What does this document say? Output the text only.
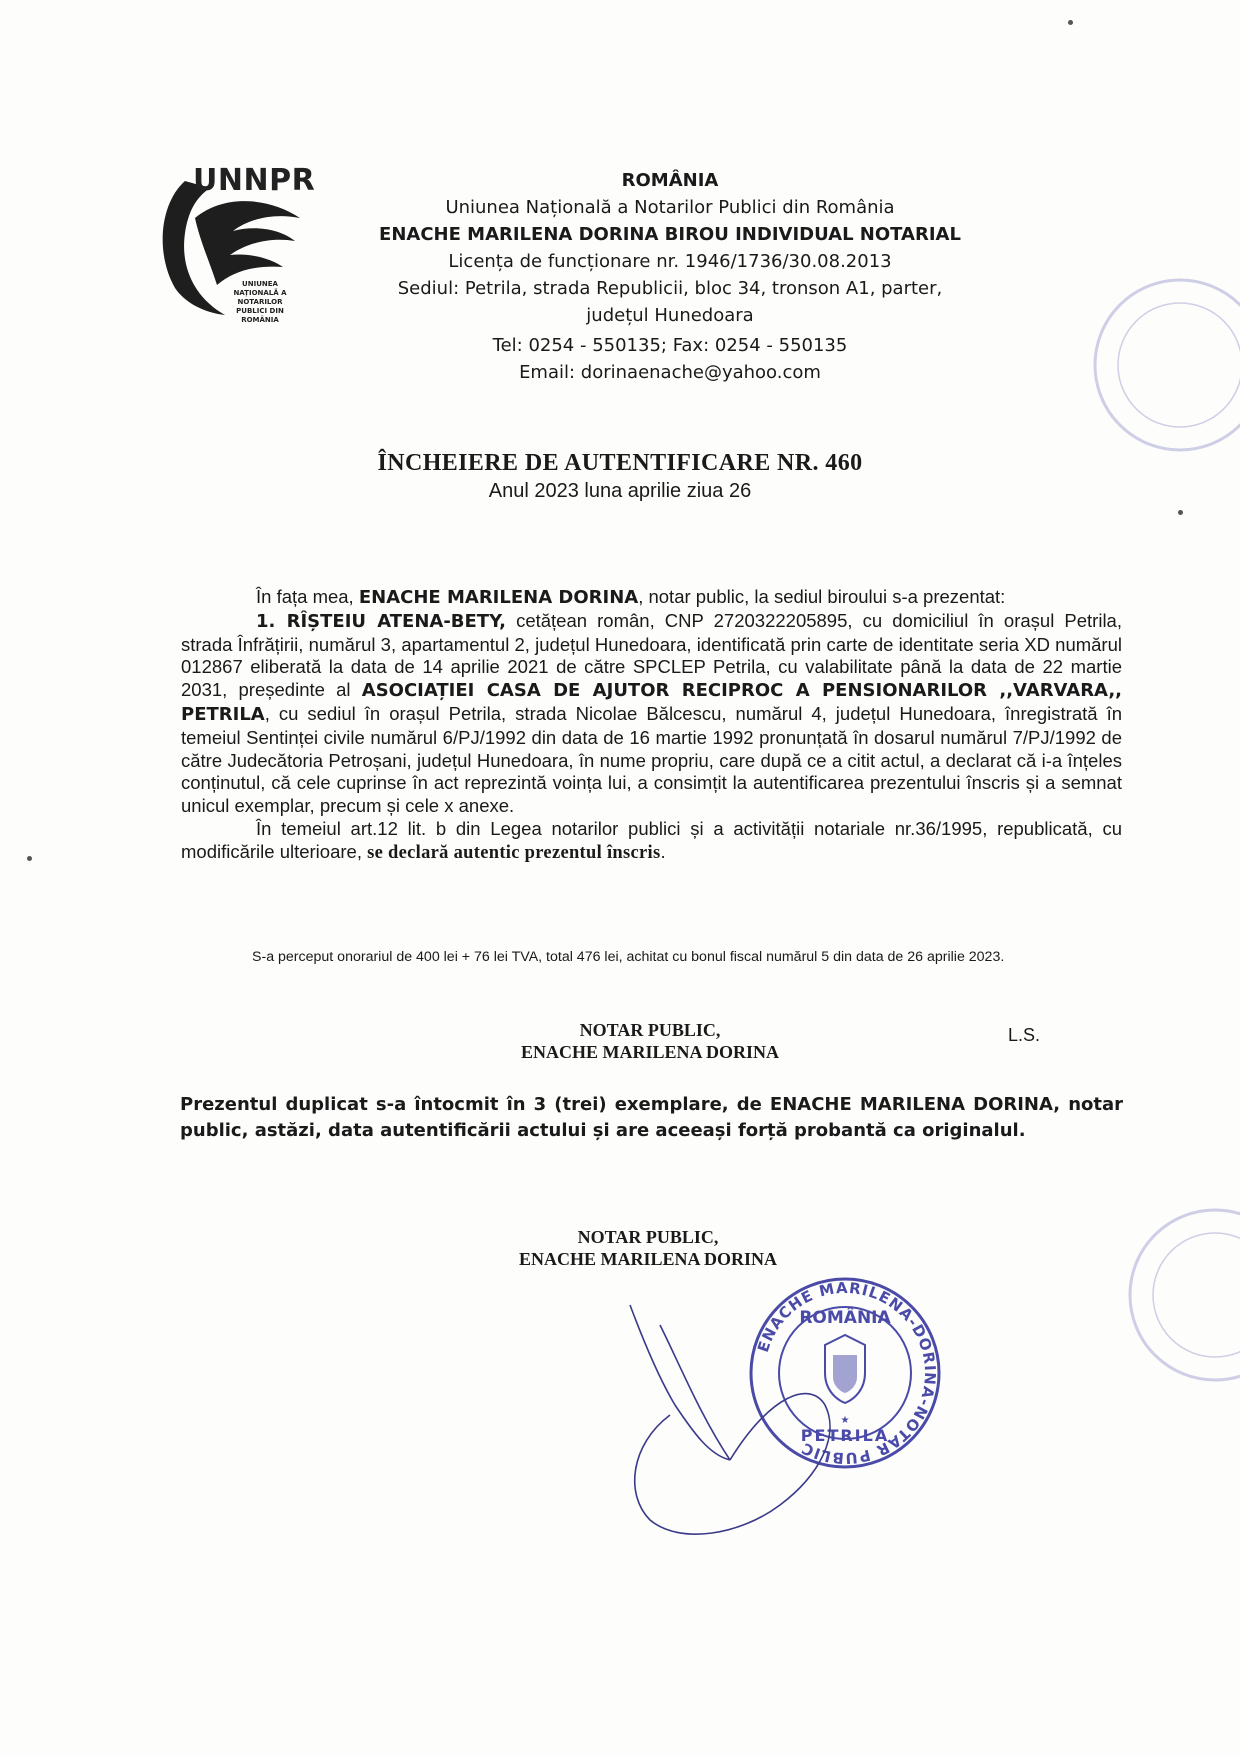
UNNPR
UNIUNEA NAȚIONALĂ A NOTARILOR PUBLICI DIN ROMÂNIA
ROMÂNIA
Uniunea Națională a Notarilor Publici din România
ENACHE MARILENA DORINA BIROU INDIVIDUAL NOTARIAL
Licența de funcționare nr. 1946/1736/30.08.2013
Sediul: Petrila, strada Republicii, bloc 34, tronson A1, parter,
județul Hunedoara
Tel: 0254 - 550135; Fax: 0254 - 550135
Email: dorinaenache@yahoo.com
ÎNCHEIERE DE AUTENTIFICARE NR. 460
Anul 2023 luna aprilie ziua 26

În fața mea, ENACHE MARILENA DORINA, notar public, la sediul biroului s-a prezentat:

1. RÎȘTEIU ATENA-BETY, cetățean român, CNP 2720322205895, cu domiciliul în orașul Petrila, strada Înfrățirii, numărul 3, apartamentul 2, județul Hunedoara, identificată prin carte de identitate seria XD numărul 012867 eliberată la data de 14 aprilie 2021 de către SPCLEP Petrila, cu valabilitate până la data de 22 martie 2031, președinte al ASOCIAȚIEI CASA DE AJUTOR RECIPROC A PENSIONARILOR ,,VARVARA,, PETRILA, cu sediul în orașul Petrila, strada Nicolae Bălcescu, numărul 4, județul Hunedoara, înregistrată în temeiul Sentinței civile numărul 6/PJ/1992 din data de 16 martie 1992 pronunțată în dosarul numărul 7/PJ/1992 de către Judecătoria Petroșani, județul Hunedoara, în nume propriu, care după ce a citit actul, a declarat că i-a înțeles conținutul, că cele cuprinse în act reprezintă voința lui, a consimțit la autentificarea prezentului înscris și a semnat unicul exemplar, precum și cele x anexe.

În temeiul art.12 lit. b din Legea notarilor publici și a activității notariale nr.36/1995, republicată, cu modificările ulterioare, se declară autentic prezentul înscris.

S-a perceput onorariul de 400 lei + 76 lei TVA, total 476 lei, achitat cu bonul fiscal numărul 5 din data de 26 aprilie 2023.
NOTAR PUBLIC,
ENACHE MARILENA DORINA
L.S.
Prezentul duplicat s-a întocmit în 3 (trei) exemplare, de ENACHE MARILENA DORINA, notar public, astăzi, data autentificării actului și are aceeași forță probantă ca originalul.
NOTAR PUBLIC,
ENACHE MARILENA DORINA
ENACHE MARILENA-DORINA-NOTAR PUBLIC
ROMÂNIA
★
PETRILA
